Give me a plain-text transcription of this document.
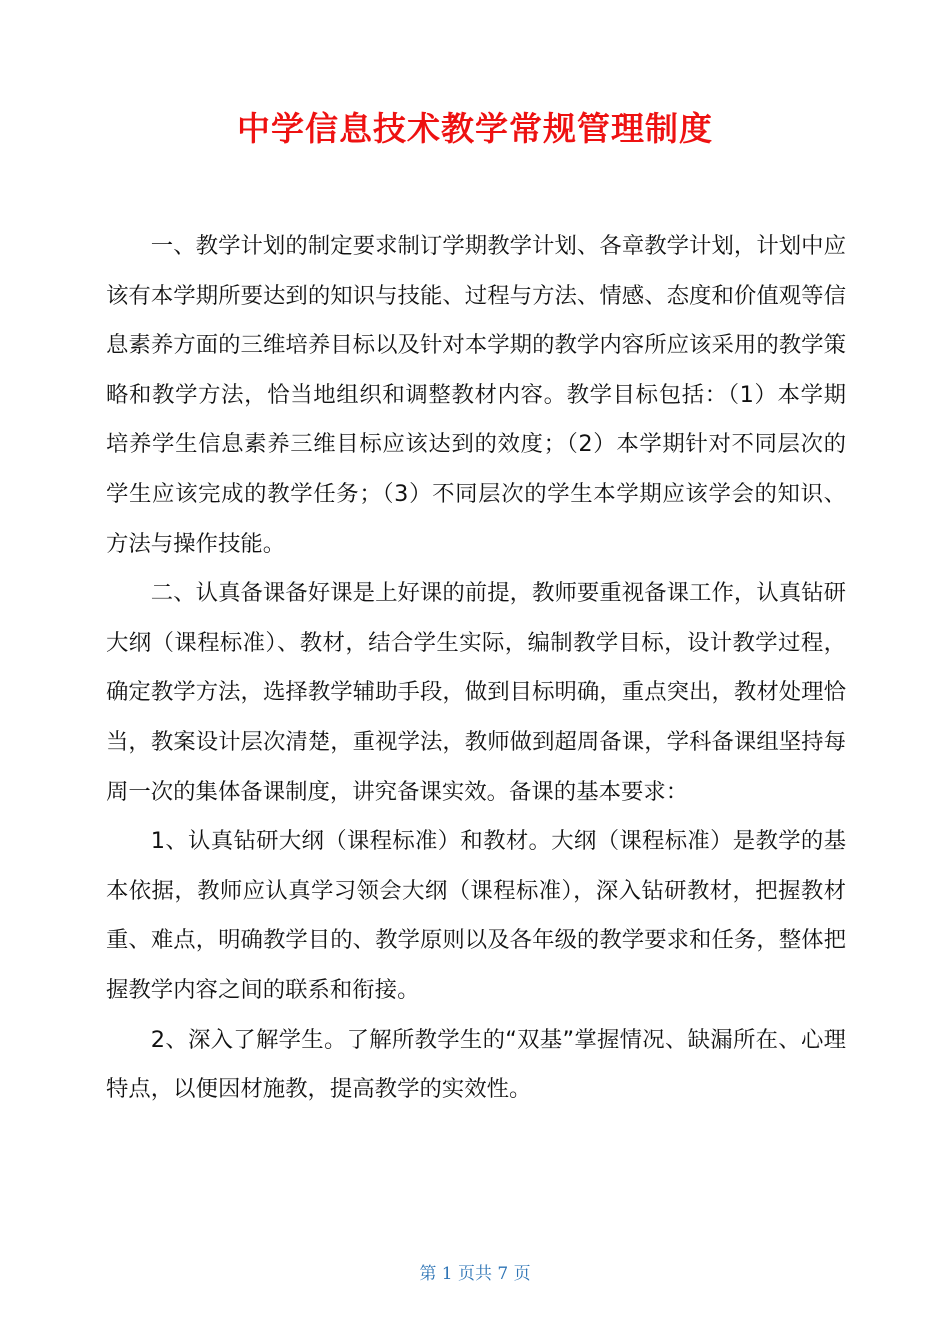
中学信息技术教学常规管理制度

一、教学计划的制定要求制订学期教学计划、各章教学计划，计划中应该有本学期所要达到的知识与技能、过程与方法、情感、态度和价值观等信息素养方面的三维培养目标以及针对本学期的教学内容所应该采用的教学策略和教学方法，恰当地组织和调整教材内容。教学目标包括：（1）本学期培养学生信息素养三维目标应该达到的效度；（2）本学期针对不同层次的学生应该完成的教学任务；（3）不同层次的学生本学期应该学会的知识、方法与操作技能。

二、认真备课备好课是上好课的前提，教师要重视备课工作，认真钻研大纲（课程标准）、教材，结合学生实际，编制教学目标，设计教学过程，确定教学方法，选择教学辅助手段，做到目标明确，重点突出，教材处理恰当，教案设计层次清楚，重视学法，教师做到超周备课，学科备课组坚持每周一次的集体备课制度，讲究备课实效。备课的基本要求：

1、认真钻研大纲（课程标准）和教材。大纲（课程标准）是教学的基本依据，教师应认真学习领会大纲（课程标准），深入钻研教材，把握教材重、难点，明确教学目的、教学原则以及各年级的教学要求和任务，整体把握教学内容之间的联系和衔接。

2、深入了解学生。了解所教学生的“双基”掌握情况、缺漏所在、心理特点，以便因材施教，提高教学的实效性。

第 1 页共 7 页
